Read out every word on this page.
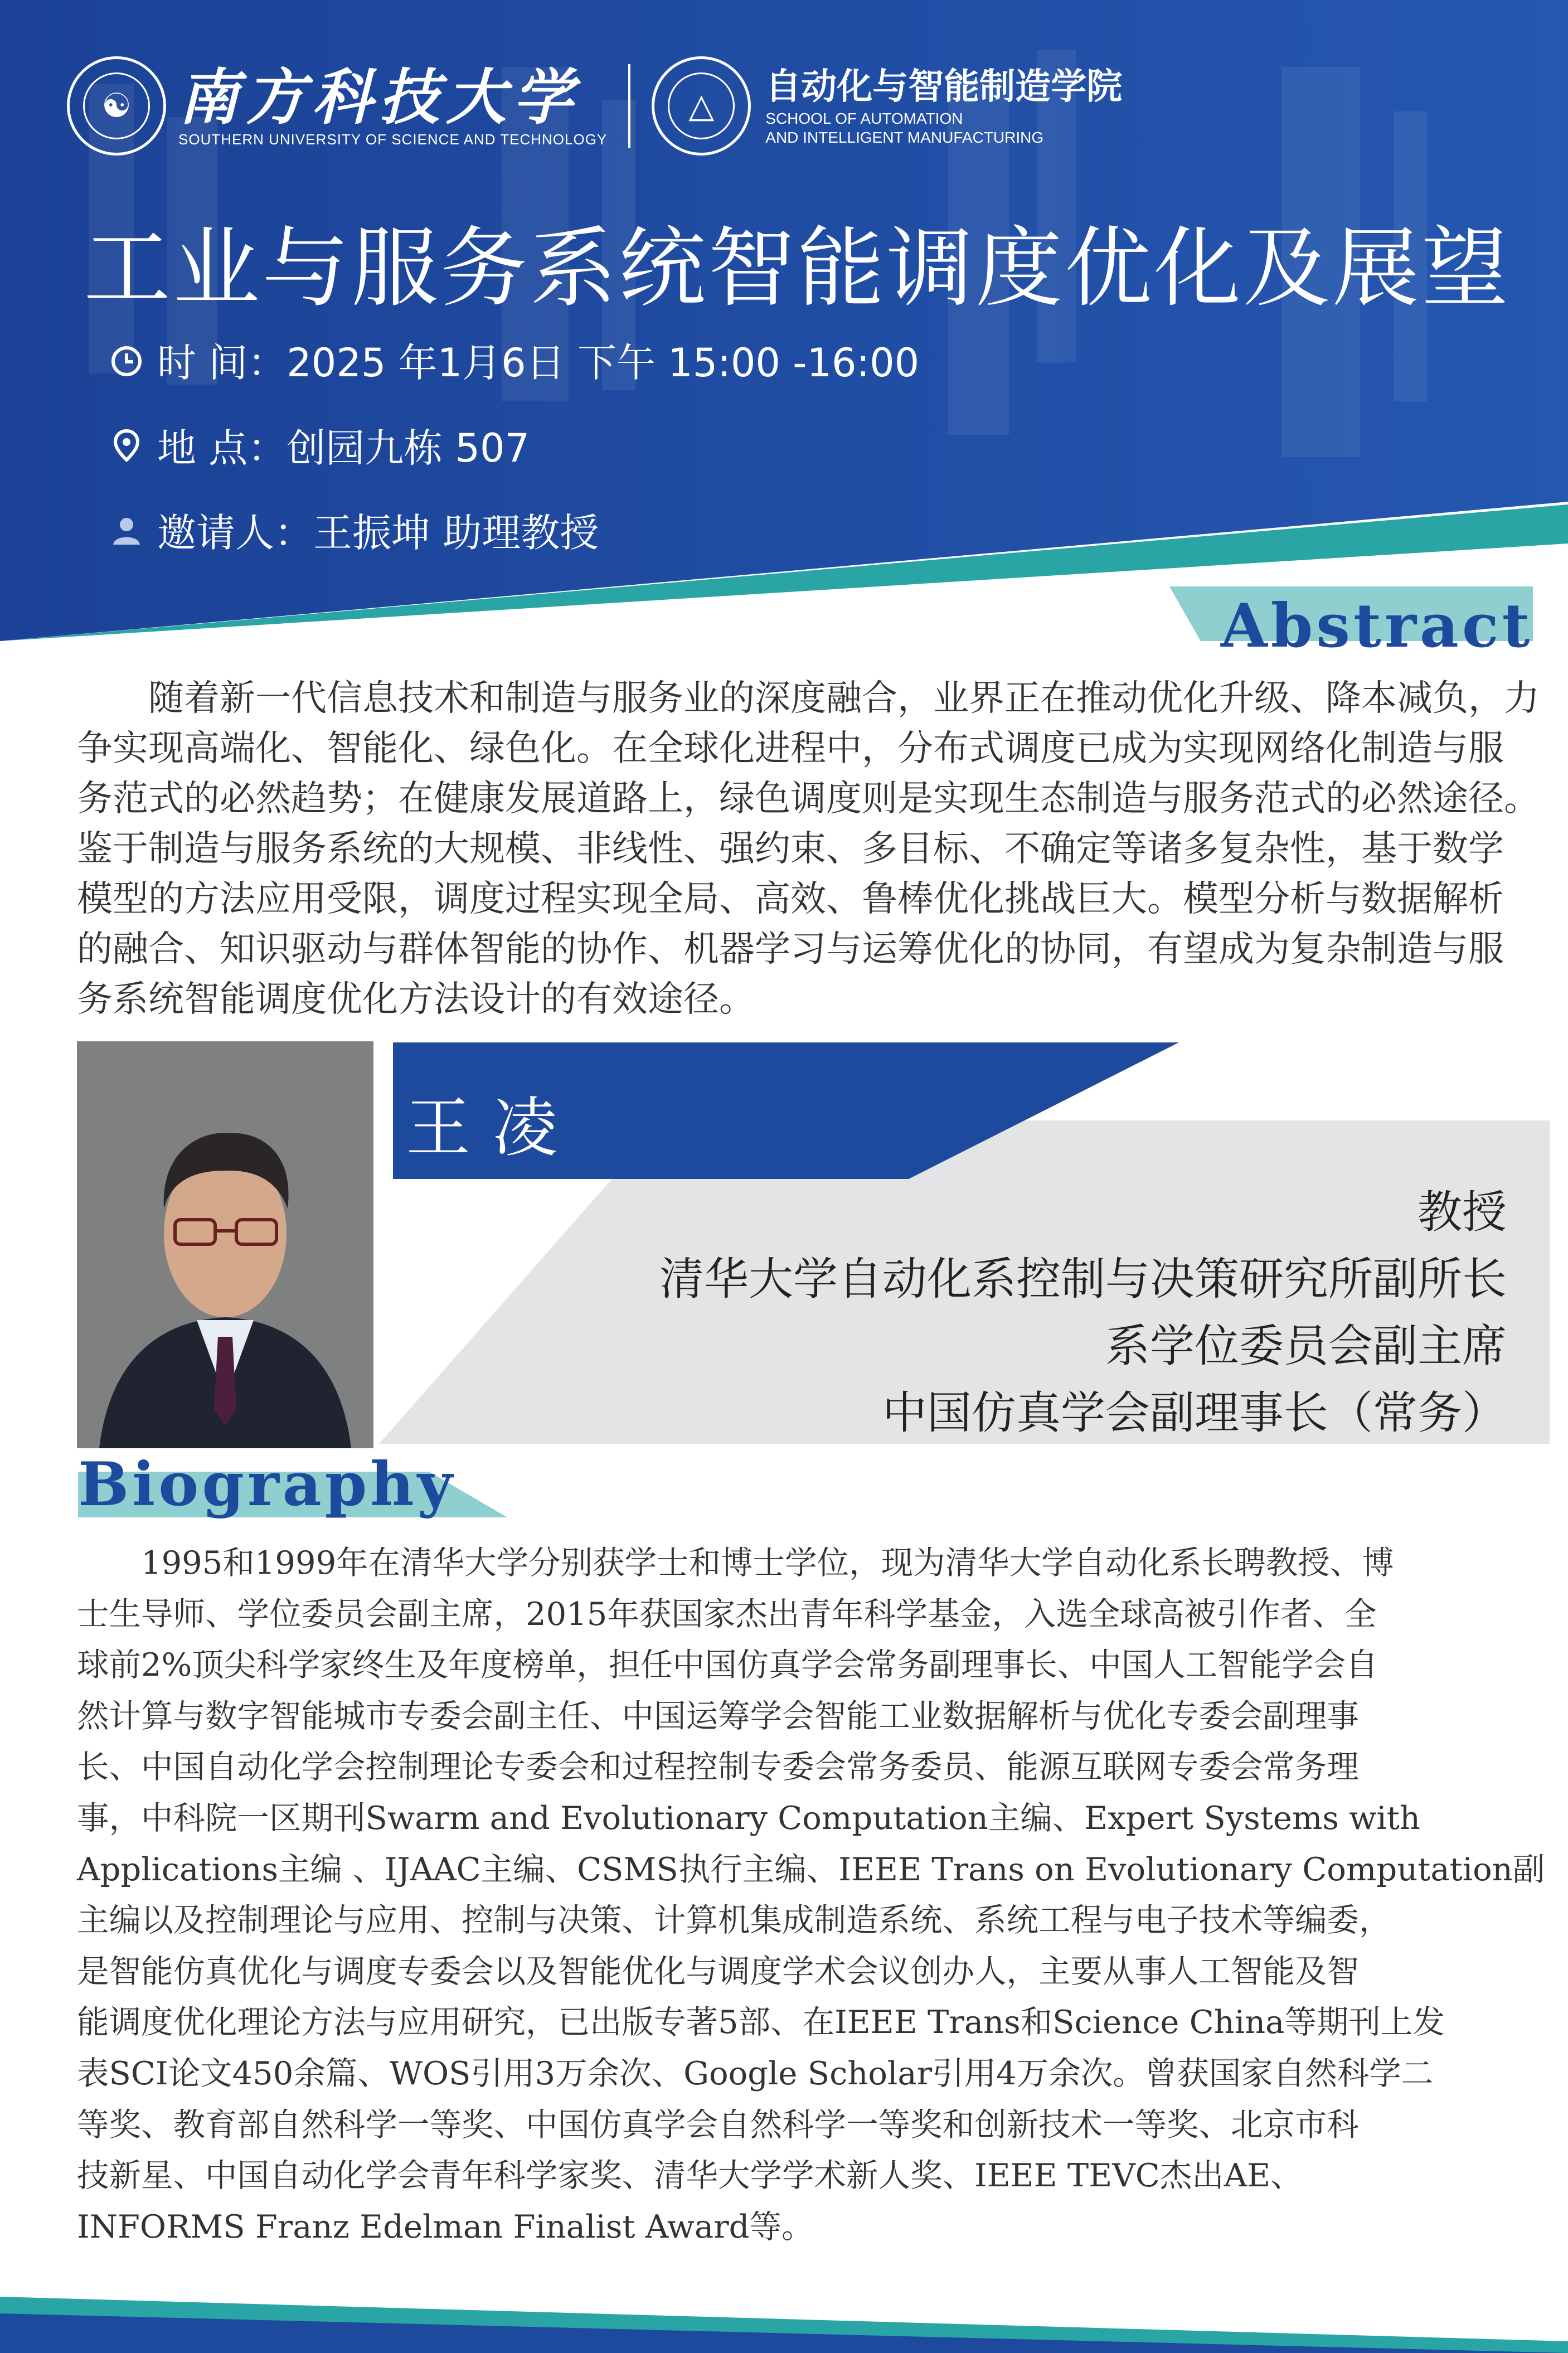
☯ 南方科技大学
SOUTHERN UNIVERSITY OF SCIENCE AND TECHNOLOGY
△	自动化与智能制造学院
SCHOOL OF AUTOMATION
AND INTELLIGENT MANUFACTURING
工业与服务系统智能调度优化及展望
时 间：2025 年1月6日 下午 15:00 -16:00
地 点：创园九栋 507
邀请人：王振坤 助理教授
Abstract

　　随着新一代信息技术和制造与服务业的深度融合，业界正在推动优化升级、降本减负，力

争实现高端化、智能化、绿色化。在全球化进程中，分布式调度已成为实现网络化制造与服

务范式的必然趋势；在健康发展道路上，绿色调度则是实现生态制造与服务范式的必然途径。

鉴于制造与服务系统的大规模、非线性、强约束、多目标、不确定等诸多复杂性，基于数学

模型的方法应用受限，调度过程实现全局、高效、鲁棒优化挑战巨大。模型分析与数据解析

的融合、知识驱动与群体智能的协作、机器学习与运筹优化的协同，有望成为复杂制造与服

务系统智能调度优化方法设计的有效途径。

王凌
教授
清华大学自动化系控制与决策研究所副所长
系学位委员会副主席
中国仿真学会副理事长（常务）
Biography

　　1995和1999年在清华大学分别获学士和博士学位，现为清华大学自动化系长聘教授、博

士生导师、学位委员会副主席，2015年获国家杰出青年科学基金，入选全球高被引作者、全

球前2%顶尖科学家终生及年度榜单，担任中国仿真学会常务副理事长、中国人工智能学会自

然计算与数字智能城市专委会副主任、中国运筹学会智能工业数据解析与优化专委会副理事

长、中国自动化学会控制理论专委会和过程控制专委会常务委员、能源互联网专委会常务理

事，中科院一区期刊Swarm and Evolutionary Computation主编、Expert Systems with

Applications主编 、IJAAC主编、CSMS执行主编、IEEE Trans on Evolutionary Computation副

主编以及控制理论与应用、控制与决策、计算机集成制造系统、系统工程与电子技术等编委，

是智能仿真优化与调度专委会以及智能优化与调度学术会议创办人，主要从事人工智能及智

能调度优化理论方法与应用研究，已出版专著5部、在IEEE Trans和Science China等期刊上发

表SCI论文450余篇、WOS引用3万余次、Google Scholar引用4万余次。曾获国家自然科学二

等奖、教育部自然科学一等奖、中国仿真学会自然科学一等奖和创新技术一等奖、北京市科

技新星、中国自动化学会青年科学家奖、清华大学学术新人奖、IEEE TEVC杰出AE、

INFORMS Franz Edelman Finalist Award等。
